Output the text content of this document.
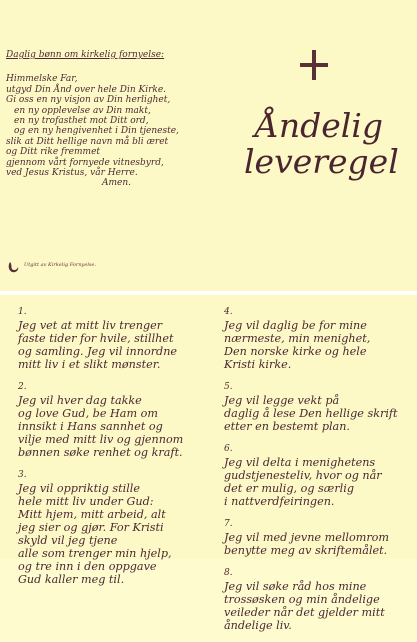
Daglig bønn om kirkelig fornyelse:
Himmelske Far,
utgyd Din Ånd over hele Din Kirke.
Gi oss en ny visjon av Din herlighet,
en ny opplevelse av Din makt,
en ny trofasthet mot Ditt ord,
og en ny hengivenhet i Din tjeneste,
slik at Ditt hellige navn må bli æret
og Ditt rike fremmet
gjennom vårt fornyede vitnesbyrd,
ved Jesus Kristus, vår Herre.
Amen.
Åndelig
leveregel
Utgitt av Kirkelig Fornyelse.
1.
Jeg vet at mitt liv trenger
faste tider for hvile, stillhet
og samling. Jeg vil innordne
mitt liv i et slikt mønster.
2.
Jeg vil hver dag takke
og love Gud, be Ham om
innsikt i Hans sannhet og
vilje med mitt liv og gjennom
bønnen søke renhet og kraft.
3.
Jeg vil oppriktig stille
hele mitt liv under Gud:
Mitt hjem, mitt arbeid, alt
jeg sier og gjør. For Kristi
skyld vil jeg tjene
alle som trenger min hjelp,
og tre inn i den oppgave
Gud kaller meg til.
4.
Jeg vil daglig be for mine
nærmeste, min menighet,
Den norske kirke og hele
Kristi kirke.
5.
Jeg vil legge vekt på
daglig å lese Den hellige skrift
etter en bestemt plan.
6.
Jeg vil delta i menighetens
gudstjenesteliv, hvor og når
det er mulig, og særlig
i nattverdfeiringen.
7.
Jeg vil med jevne mellomrom
benytte meg av skriftemålet.
8.
Jeg vil søke råd hos mine
trossøsken og min åndelige
veileder når det gjelder mitt
åndelige liv.
